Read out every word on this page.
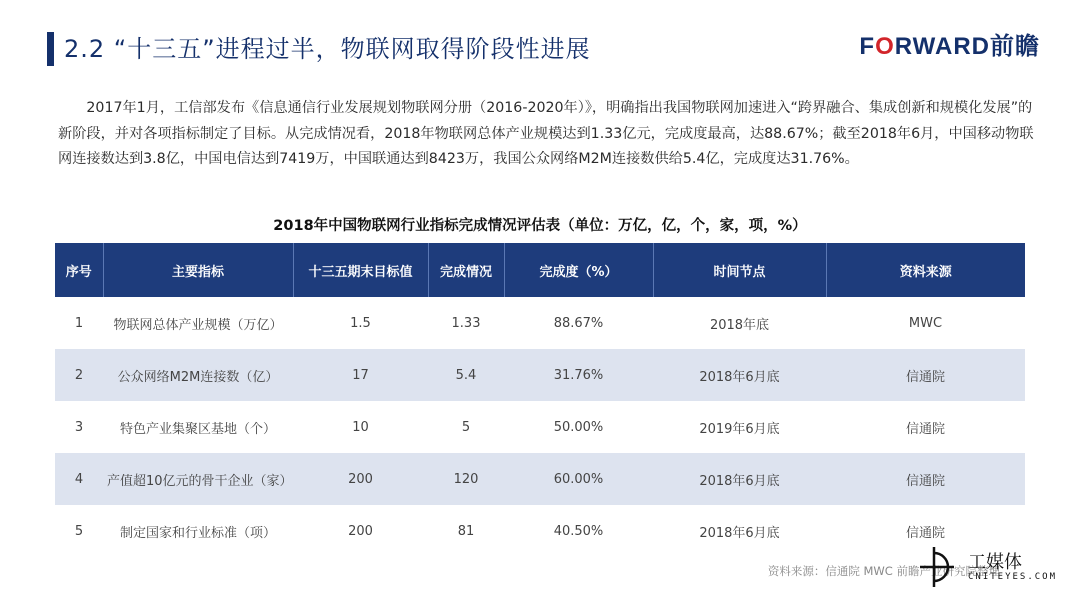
2.2 “十三五”进程过半，物联网取得阶段性进展	FORWARD前瞻

2017年1月，工信部发布《信息通信行业发展规划物联网分册（2016-2020年）》，明确指出我国物联网加速进入“跨界融合、集成创新和规模化发展”的新阶段，并对各项指标制定了目标。从完成情况看，2018年物联网总体产业规模达到1.33亿元，完成度最高，达88.67%；截至2018年6月，中国移动物联网连接数达到3.8亿，中国电信达到7419万，中国联通达到8423万，我国公众网络M2M连接数供给5.4亿，完成度达31.76%。

2018年中国物联网行业指标完成情况评估表（单位：万亿，亿，个，家，项，%）
序号	主要指标	十三五期末目标值	完成情况	完成度（%）	时间节点	资料来源
1	物联网总体产业规模（万亿）	1.5	1.33	88.67%	2018年底	MWC
2	公众网络M2M连接数（亿）	17	5.4	31.76%	2018年6月底	信通院
3	特色产业集聚区基地（个）	10	5	50.00%	2019年6月底	信通院
4	产值超10亿元的骨干企业（家）	200	120	60.00%	2018年6月底	信通院
5	制定国家和行业标准（项）	200	81	40.50%	2018年6月底	信通院
资料来源：信通院 MWC 前瞻产业研究院整理
工媒体
CNITEYES.COM
